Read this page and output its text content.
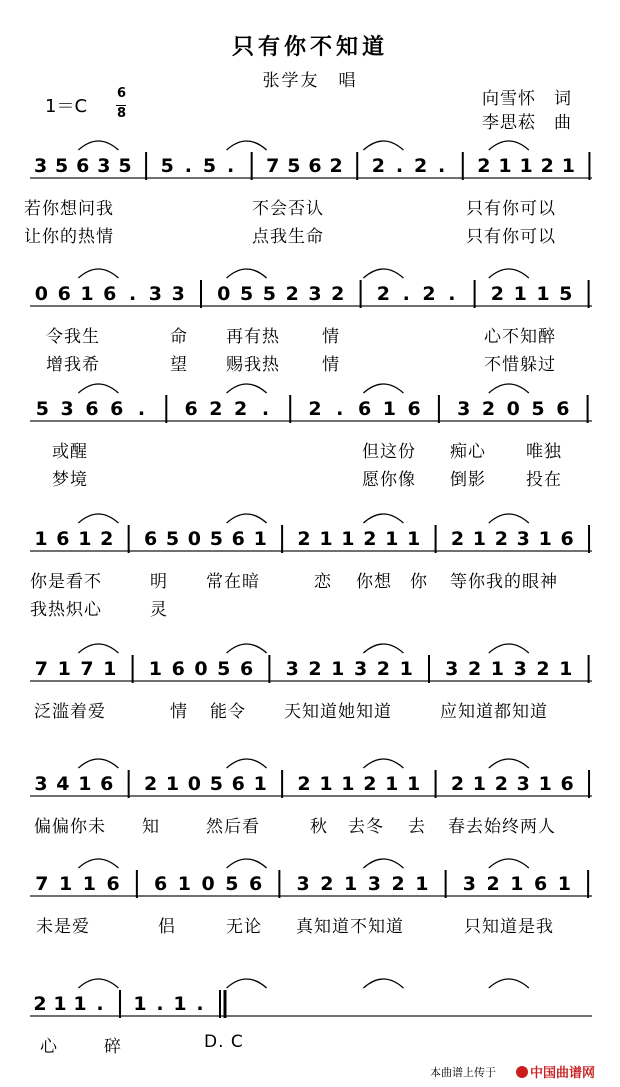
只有你不知道
张学友　唱
1＝C
6
8
向雪怀　词
李思菘　曲
3 5 6 3 5 5 . 5 . 7 5 6 2 2 . 2 . 2 1 1 2 1
0 6 1 6 . 3 3 0 5 5 2 3 2 2 . 2 . 2 1 1 5
5 3 6 6 . 6 2 2 . 2 . 6 1 6 3 2 0 5 6
1 6 1 2 6 5 0 5 6 1 2 1 1 2 1 1 2 1 2 3 1 6
7 1 7 1 1 6 0 5 6 3 2 1 3 2 1 3 2 1 3 2 1
3 4 1 6 2 1 0 5 6 1 2 1 1 2 1 1 2 1 2 3 1 6
7 1 1 6 6 1 0 5 6 3 2 1 3 2 1 3 2 1 6 1
2 1 1 . 1 . 1 .
若你想问我	不会否认	只有你可以
让你的热情	点我生命	只有你可以
令我生	命 再有热 情	心不知醉
增我希	望 赐我热 情	不惜躲过
或醒	但这份 痴心 唯独
梦境	愿你像 倒影 投在
你是看不	明 常在暗	恋 你想 你 等你我的眼神
我热炽心	灵
泛滥着爱	情 能令 天知道她知道	应知道都知道
偏偏你未 知	然后看	秋 去冬 去 春去始终两人
未是爱	侣	无论 真知道不知道	只知道是我
心	碎	D. C
本曲谱上传于	中国曲谱网
